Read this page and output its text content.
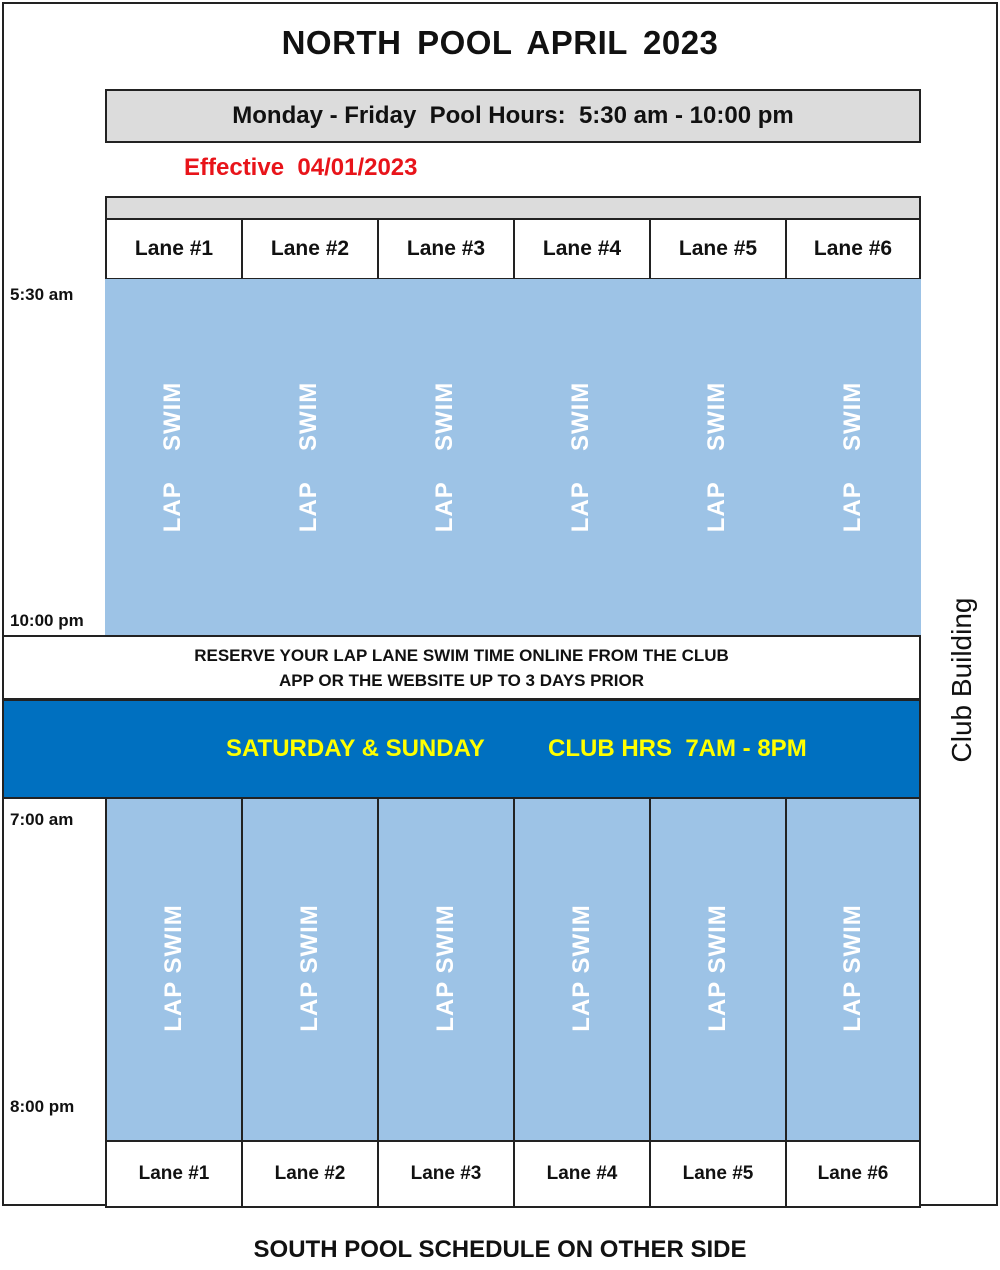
NORTH POOL APRIL 2023
Monday - Friday  Pool Hours:  5:30 am - 10:00 pm
Effective  04/01/2023
Lane #1	Lane #2	Lane #3	Lane #4	Lane #5	Lane #6
5:30 am
10:00 pm
LAP    SWIM	LAP    SWIM	LAP    SWIM	LAP    SWIM	LAP    SWIM	LAP    SWIM
RESERVE YOUR LAP LANE SWIM TIME ONLINE FROM THE CLUB
APP OR THE WEBSITE UP TO 3 DAYS PRIOR
SATURDAY & SUNDAY	CLUB HRS  7AM - 8PM
7:00 am
8:00 pm
LAP SWIM	LAP SWIM	LAP SWIM	LAP SWIM	LAP SWIM	LAP SWIM
Lane #1	Lane #2	Lane #3	Lane #4	Lane #5	Lane #6
Club Building
SOUTH POOL SCHEDULE ON OTHER SIDE
